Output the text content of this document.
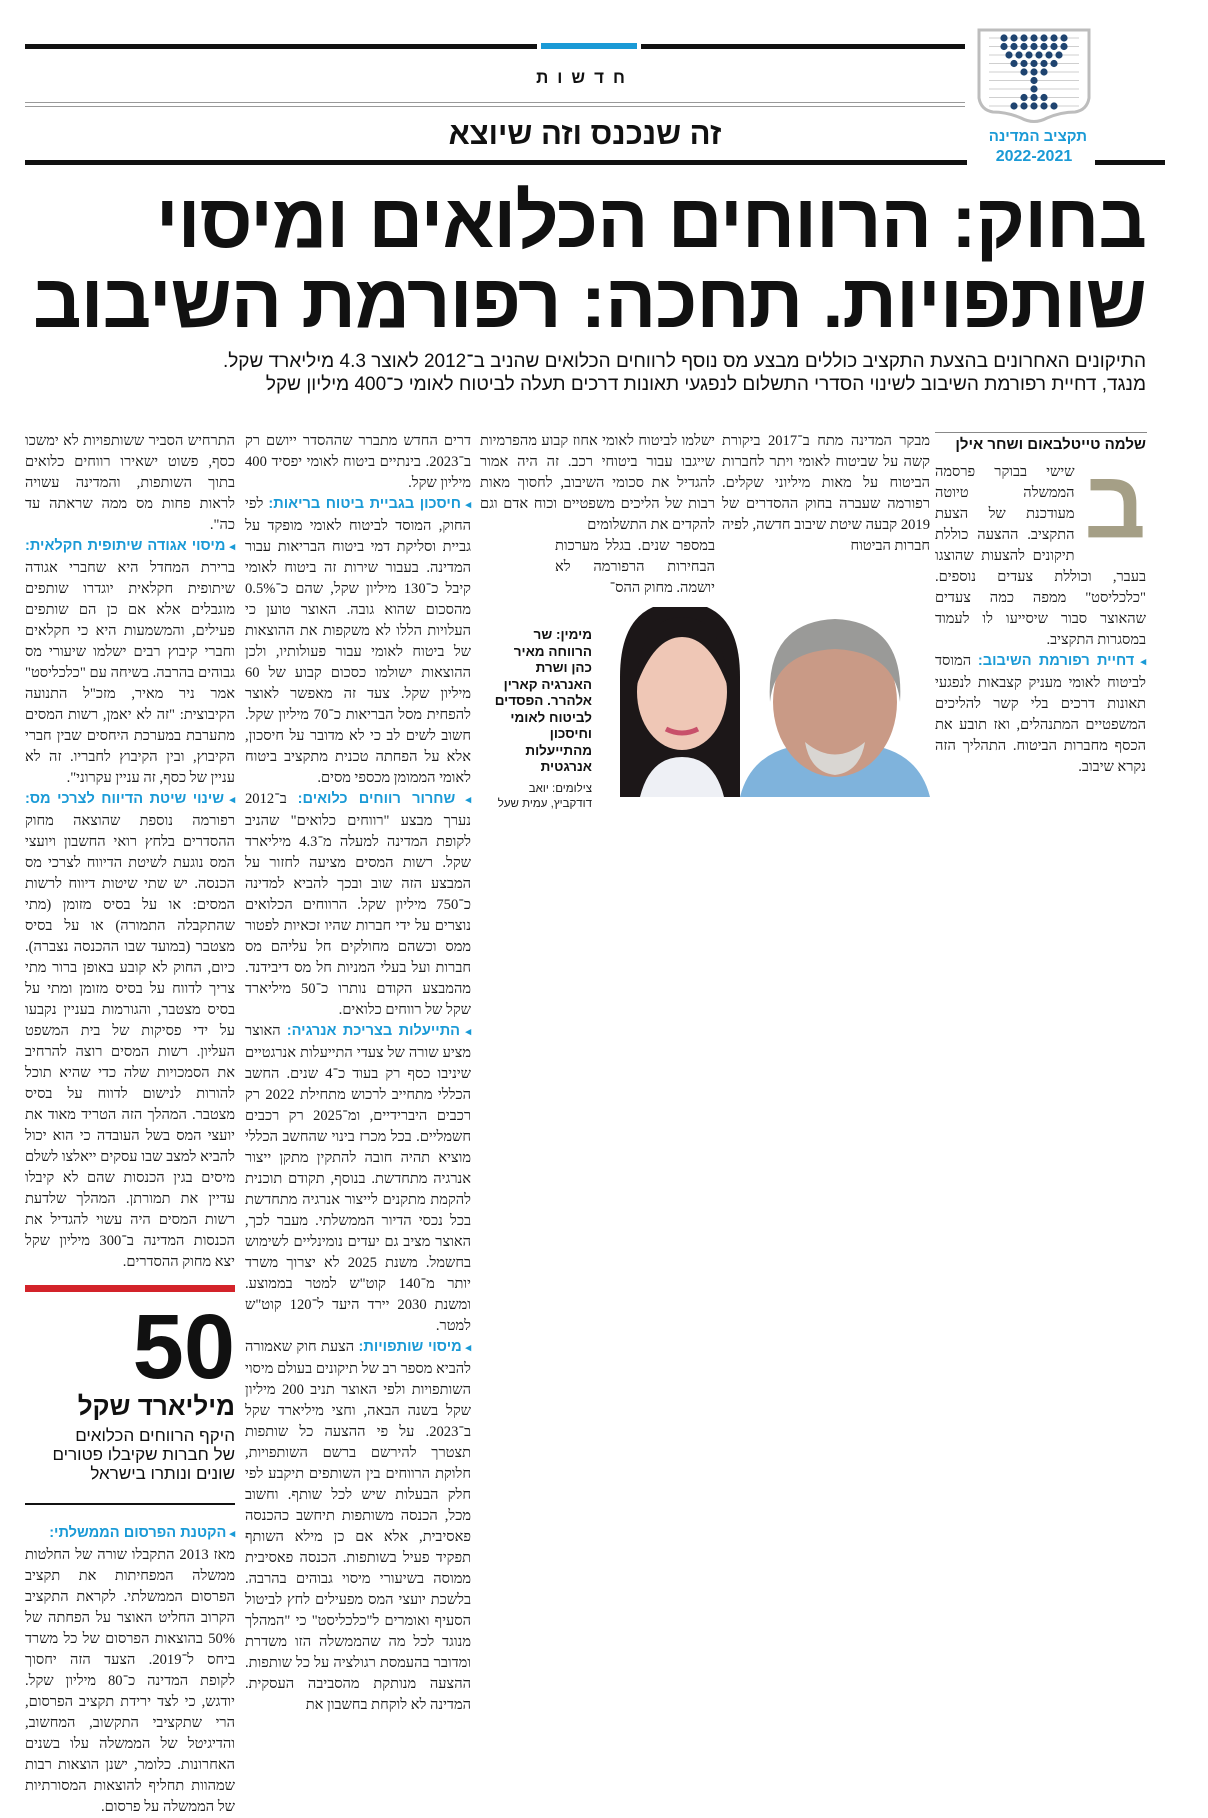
תקציב המדינה
2022-2021
חדשות
זה שנכנס וזה שיוצא
בחוק: הרווחים הכלואים ומיסוי
שותפויות. תחכה: רפורמת השיבוב
התיקונים האחרונים בהצעת התקציב כוללים מבצע מס נוסף לרווחים הכלואים שהניב ב־2012 לאוצר 4.3 מיליארד שקל.
מנגד, דחיית רפורמת השיבוב לשינוי הסדרי התשלום לנפגעי תאונות דרכים תעלה לביטוח לאומי כ־400 מיליון שקל
שלמה טייטלבאום ושחר אילן

ב
שישי בבוקר פרסמה הממשלה טיוטה מעודכנת של הצעת התקציב. ההצעה כוללת תיקונים להצעות שהוצגו בעבר, וכוללת צעדים נוספים. "כלכליסט" ממפה כמה צעדים שהאוצר סבור שיסייעו לו לעמוד במסגרות התקציב.

◂ דחיית רפורמת השיבוב: המוסד לביטוח לאומי מעניק קצבאות לנפגעי תאונות דרכים בלי קשר להליכים המשפטיים המתנהלים, ואז תובע את הכסף מחברות הביטוח. התהליך הזה נקרא שיבוב.

מבקר המדינה מתח ב־2017 ביקורת קשה על שביטוח לאומי ויתר לחברות הביטוח על מאות מיליוני שקלים. רפורמה שעברה בחוק ההסדרים של 2019 קבעה שיטת שיבוב חדשה, לפיה חברות הביטוח

ישלמו לביטוח לאומי אחוז קבוע מהפרמיות שייגבו עבור ביטוחי רכב. זה היה אמור להגדיל את סכומי השיבוב, לחסוך מאות רבות של הליכים משפטיים וכוח אדם וגם להקדים את התשלומים

במספר שנים. בגלל מערכות הבחירות הרפורמה לא יושמה. מחוק ההס־

מימין: שר הרווחה מאיר כהן ושרת האנרגיה קארין אלהרר. הפסדים לביטוח לאומי וחיסכון מהתייעלות אנרגטית
צילומים: יואב דודקביץ, עמית שעל

דרים החדש מתברר שההסדר ייושם רק ב־2023. בינתיים ביטוח לאומי יפסיד 400 מיליון שקל.

◂ חיסכון בגביית ביטוח בריאות: לפי החוק, המוסד לביטוח לאומי מופקד על גביית וסליקת דמי ביטוח הבריאות עבור המדינה. בעבור שירות זה ביטוח לאומי קיבל כ־130 מיליון שקל, שהם כ־0.5% מהסכום שהוא גובה. האוצר טוען כי העלויות הללו לא משקפות את ההוצאות של ביטוח לאומי עבור פעולותיו, ולכן ההוצאות ישולמו כסכום קבוע של 60 מיליון שקל. צעד זה מאפשר לאוצר להפחית מסל הבריאות כ־70 מיליון שקל. חשוב לשים לב כי לא מדובר על חיסכון, אלא על הפחתה טכנית מתקציב ביטוח לאומי הממומן מכספי מסים.

◂ שחרור רווחים כלואים: ב־2012 נערך מבצע "רווחים כלואים" שהניב לקופת המדינה למעלה מ־4.3 מיליארד שקל. רשות המסים מציעה לחזור על המבצע הזה שוב ובכך להביא למדינה כ־750 מיליון שקל. הרווחים הכלואים נוצרים על ידי חברות שהיו זכאיות לפטור ממס וכשהם מחולקים חל עליהם מס חברות ועל בעלי המניות חל מס דיבידנד. מהמבצע הקודם נותרו כ־50 מיליארד שקל של רווחים כלואים.

◂ התייעלות בצריכת אנרגיה: האוצר מציע שורה של צעדי התייעלות אנרגטיים שיניבו כסף רק בעוד כ־4 שנים. החשב הכללי מתחייב לרכוש מתחילת 2022 רק רכבים היברידיים, ומ־2025 רק רכבים חשמליים. בכל מכרז בינוי שהחשב הכללי מוציא תהיה חובה להתקין מתקן ייצור אנרגיה מתחדשת. בנוסף, תקודם תוכנית להקמת מתקנים לייצור אנרגיה מתחדשת בכל נכסי הדיור הממשלתי. מעבר לכך, האוצר מציב גם יעדים נומינליים לשימוש בחשמל. משנת 2025 לא יצרוך משרד יותר מ־140 קוט"ש למטר בממוצע. ומשנת 2030 יירד היעד ל־120 קוט"ש למטר.

◂ מיסוי שותפויות: הצעת חוק שאמורה להביא מספר רב של תיקונים בעולם מיסוי השותפויות ולפי האוצר תניב 200 מיליון שקל בשנה הבאה, וחצי מיליארד שקל ב־2023. על פי ההצעה כל שותפות תצטרך להירשם ברשם השותפויות, חלוקת הרווחים בין השותפים תיקבע לפי חלק הבעלות שיש לכל שותף. וחשוב מכל, הכנסה משותפות תיחשב כהכנסה פאסיבית, אלא אם כן מילא השותף תפקיד פעיל בשותפות. הכנסה פאסיבית ממוסה בשיעורי מיסוי גבוהים בהרבה. בלשכת יועצי המס מפעילים לחץ לביטול הסעיף ואומרים ל"כלכליסט" כי "המהלך מנוגד לכל מה שהממשלה הזו משדרת ומדובר בהעמסת רגולציה על כל שותפות. ההצעה מנותקת מהסביבה העסקית. המדינה לא לוקחת בחשבון את

התרחיש הסביר ששותפויות לא ימשכו כסף, פשוט ישאירו רווחים כלואים בתוך השותפות, והמדינה עשויה לראות פחות מס ממה שראתה עד כה".

◂ מיסוי אגודה שיתופית חקלאית: ברירת המחדל היא שחברי אגודה שיתופית חקלאית יוגדרו שותפים מוגבלים אלא אם כן הם שותפים פעילים, והמשמעות היא כי חקלאים וחברי קיבוץ רבים ישלמו שיעורי מס גבוהים בהרבה. בשיחה עם "כלכליסט" אמר ניר מאיר, מזכ"ל התנועה הקיבוצית: "זה לא יאמן, רשות המסים מתערבת במערכת היחסים שבין חברי הקיבוץ, ובין הקיבוץ לחבריו. זה לא עניין של כסף, זה עניין עקרוני".

◂ שינוי שיטת הדיווח לצרכי מס: רפורמה נוספת שהוצאה מחוק ההסדרים בלחץ רואי החשבון ויועצי המס נוגעת לשיטת הדיווח לצרכי מס הכנסה. יש שתי שיטות דיווח לרשות המסים: או על בסיס מזומן (מתי שהתקבלה התמורה) או על בסיס מצטבר (במועד שבו ההכנסה נצברה). כיום, החוק לא קובע באופן ברור מתי צריך לדווח על בסיס מזומן ומתי על בסיס מצטבר, והגורמות בעניין נקבעו על ידי פסיקות של בית המשפט העליון. רשות המסים רוצה להרחיב את הסמכויות שלה כדי שהיא תוכל להורות לנישום לדווח על בסיס מצטבר. המהלך הזה הטריד מאוד את יועצי המס בשל העובדה כי הוא יכול להביא למצב שבו עסקים ייאלצו לשלם מיסים בגין הכנסות שהם לא קיבלו עדיין את תמורתן. המהלך שלדעת רשות המסים היה עשוי להגדיל את הכנסות המדינה ב־300 מיליון שקל יצא מחוק ההסדרים.

50
מיליארד שקל
היקף הרווחים הכלואים
של חברות שקיבלו פטורים
שונים ונותרו בישראל

◂ הקטנת הפרסום הממשלתי:
מאז 2013 התקבלו שורה של החלטות ממשלה המפחיתות את תקציב הפרסום הממשלתי. לקראת התקציב הקרוב החליט האוצר על הפחתה של 50% בהוצאות הפרסום של כל משרד ביחס ל־2019. הצעד הזה יחסוך לקופת המדינה כ־80 מיליון שקל. יודגש, כי לצד ירידת תקציב הפרסום, הרי שתקציבי התקשוב, המחשוב, והדיגיטל של הממשלה עלו בשנים האחרונות. כלומר, ישנן הוצאות רבות שמהוות תחליף להוצאות המסורתיות של הממשלה על פרסום.
